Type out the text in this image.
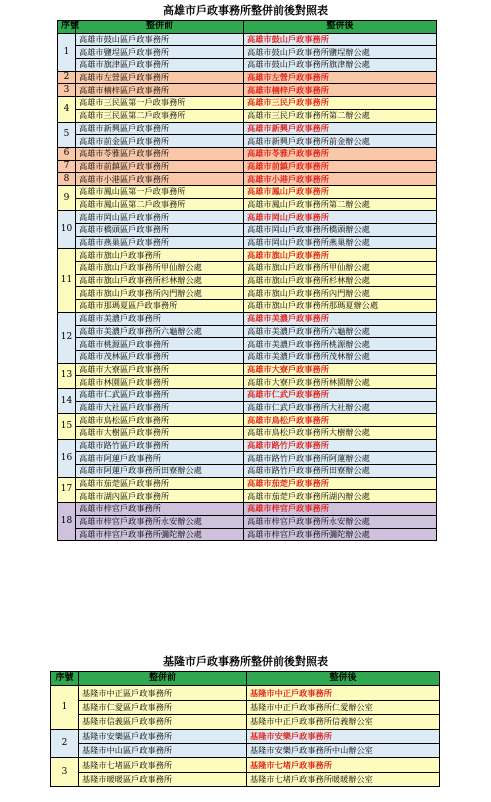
高雄市戶政事務所整併前後對照表
序號	整併前	整併後
1	高雄市鼓山區戶政事務所	高雄市鼓山戶政事務所
	高雄市鹽埕區戶政事務所	高雄市鼓山戶政事務所鹽埕辦公處
	高雄市旗津區戶政事務所	高雄市鼓山戶政事務所旗津辦公處
2	高雄市左營區戶政事務所	高雄市左營戶政事務所
3	高雄市楠梓區戶政事務所	高雄市楠梓戶政事務所
4	高雄市三民區第一戶政事務所	高雄市三民戶政事務所
	高雄市三民區第二戶政事務所	高雄市三民戶政事務所第二辦公處
5	高雄市新興區戶政事務所	高雄市新興戶政事務所
	高雄市前金區戶政事務所	高雄市新興戶政事務所前金辦公處
6	高雄市苓雅區戶政事務所	高雄市苓雅戶政事務所
7	高雄市前鎮區戶政事務所	高雄市前鎮戶政事務所
8	高雄市小港區戶政事務所	高雄市小港戶政事務所
9	高雄市鳳山區第一戶政事務所	高雄市鳳山戶政事務所
	高雄市鳳山區第二戶政事務所	高雄市鳳山戶政事務所第二辦公處
10	高雄市岡山區戶政事務所	高雄市岡山戶政事務所
	高雄市橋頭區戶政事務所	高雄市岡山戶政事務所橋頭辦公處
	高雄市燕巢區戶政事務所	高雄市岡山戶政事務所燕巢辦公處
11	高雄市旗山戶政事務所	高雄市旗山戶政事務所
	高雄市旗山戶政事務所甲仙辦公處	高雄市旗山戶政事務所甲仙辦公處
	高雄市旗山戶政事務所杉林辦公處	高雄市旗山戶政事務所杉林辦公處
	高雄市旗山戶政事務所內門辦公處	高雄市旗山戶政事務所內門辦公處
	高雄市那瑪夏區戶政事務所	高雄市旗山戶政事務所那瑪夏辦公處
12	高雄市美濃戶政事務所	高雄市美濃戶政事務所
	高雄市美濃戶政事務所六龜辦公處	高雄市美濃戶政事務所六龜辦公處
	高雄市桃源區戶政事務所	高雄市美濃戶政事務所桃源辦公處
	高雄市茂林區戶政事務所	高雄市美濃戶政事務所茂林辦公處
13	高雄市大寮區戶政事務所	高雄市大寮戶政事務所
	高雄市林園區戶政事務所	高雄市大寮戶政事務所林園辦公處
14	高雄市仁武區戶政事務所	高雄市仁武戶政事務所
	高雄市大社區戶政事務所	高雄市仁武戶政事務所大社辦公處
15	高雄市鳥松區戶政事務所	高雄市鳥松戶政事務所
	高雄市大樹區戶政事務所	高雄市鳥松戶政事務所大樹辦公處
16	高雄市路竹區戶政事務所	高雄市路竹戶政事務所
	高雄市阿蓮戶政事務所	高雄市路竹戶政事務所阿蓮辦公處
	高雄市阿蓮戶政事務所田寮辦公處	高雄市路竹戶政事務所田寮辦公處
17	高雄市茄萣區戶政事務所	高雄市茄萣戶政事務所
	高雄市湖內區戶政事務所	高雄市茄萣戶政事務所湖內辦公處
18	高雄市梓官戶政事務所	高雄市梓官戶政事務所
	高雄市梓官戶政事務所永安辦公處	高雄市梓官戶政事務所永安辦公處
	高雄市梓官戶政事務所彌陀辦公處	高雄市梓官戶政事務所彌陀辦公處
基隆市戶政事務所整併前後對照表
序號	整併前	整併後
1	基隆市中正區戶政事務所	基隆市中正戶政事務所
	基隆市仁愛區戶政事務所	基隆市中正戶政事務所仁愛辦公室
	基隆市信義區戶政事務所	基隆市中正戶政事務所信義辦公室
2	基隆市安樂區戶政事務所	基隆市安樂戶政事務所
	基隆市中山區戶政事務所	基隆市安樂戶政事務所中山辦公室
3	基隆市七堵區戶政事務所	基隆市七堵戶政事務所
	基隆市暖暖區戶政事務所	基隆市七堵戶政事務所暖暖辦公室
